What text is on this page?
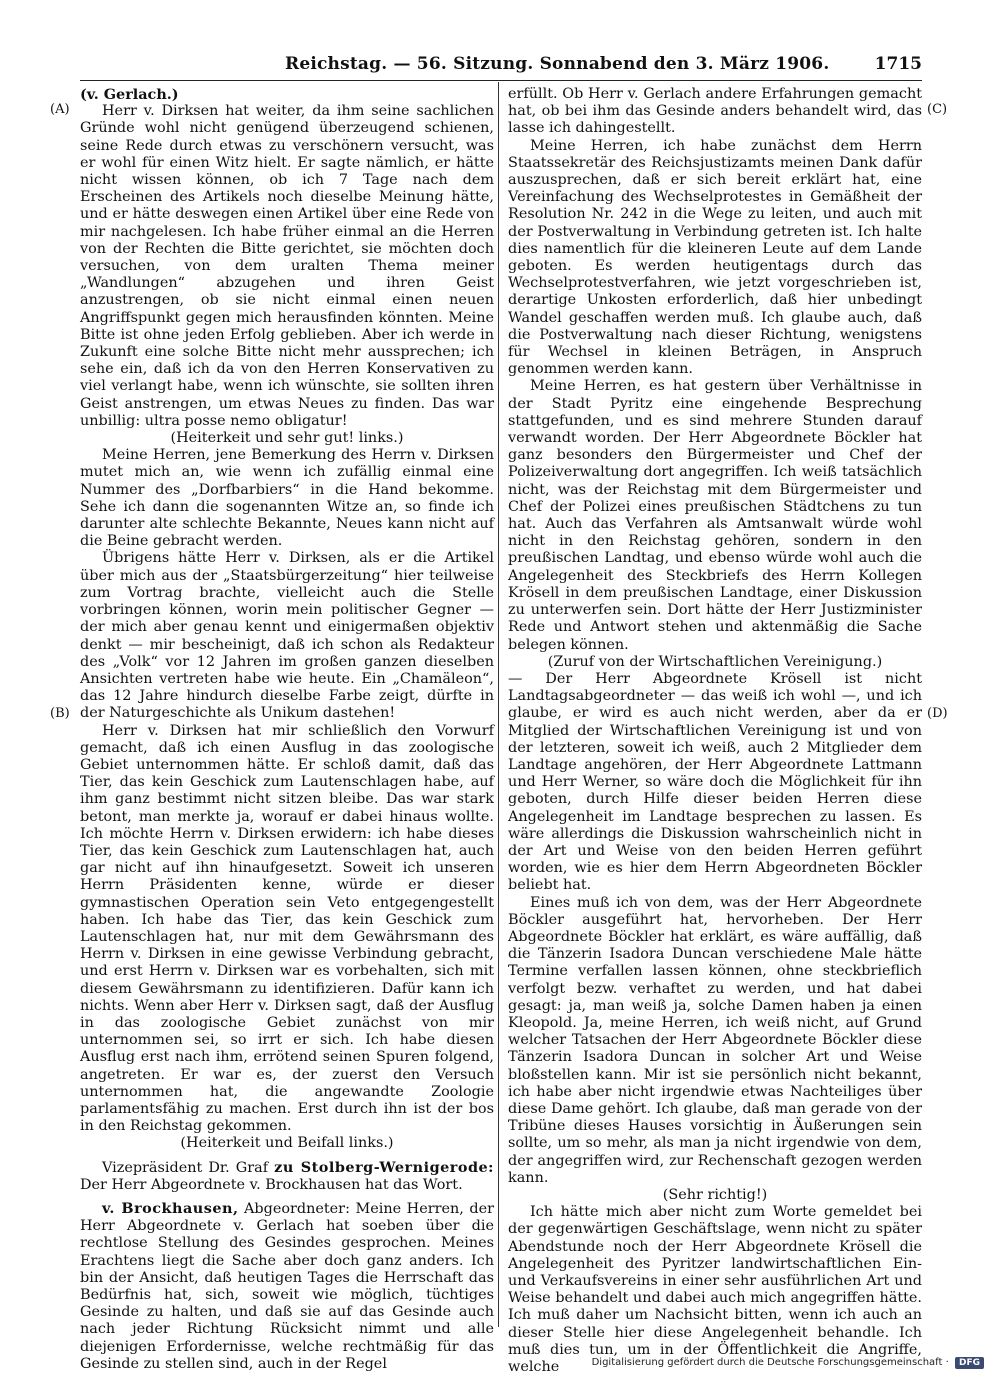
Reichstag. — 56. Sitzung. Sonnabend den 3. März 1906.	1715
(A)
(B)
(C)
(D)

(v. Gerlach.)

Herr v. Dirksen hat weiter, da ihm seine sachlichen Gründe wohl nicht genügend überzeugend schienen, seine Rede durch etwas zu verschönern versucht, was er wohl für einen Witz hielt. Er sagte nämlich, er hätte nicht wissen können, ob ich 7 Tage nach dem Erscheinen des Artikels noch dieselbe Meinung hätte, und er hätte deswegen einen Artikel über eine Rede von mir nachgelesen. Ich habe früher einmal an die Herren von der Rechten die Bitte gerichtet, sie möchten doch versuchen, von dem uralten Thema meiner „Wandlungen“ abzugehen und ihren Geist anzustrengen, ob sie nicht einmal einen neuen Angriffspunkt gegen mich herausfinden könnten. Meine Bitte ist ohne jeden Erfolg geblieben. Aber ich werde in Zukunft eine solche Bitte nicht mehr aussprechen; ich sehe ein, daß ich da von den Herren Konservativen zu viel verlangt habe, wenn ich wünschte, sie sollten ihren Geist anstrengen, um etwas Neues zu finden. Das war unbillig: ultra posse nemo obligatur!

(Heiterkeit und sehr gut! links.)

Meine Herren, jene Bemerkung des Herrn v. Dirksen mutet mich an, wie wenn ich zufällig einmal eine Nummer des „Dorfbarbiers“ in die Hand bekomme. Sehe ich dann die sogenannten Witze an, so finde ich darunter alte schlechte Bekannte, Neues kann nicht auf die Beine gebracht werden.

Übrigens hätte Herr v. Dirksen, als er die Artikel über mich aus der „Staatsbürgerzeitung“ hier teilweise zum Vortrag brachte, vielleicht auch die Stelle vorbringen können, worin mein politischer Gegner — der mich aber genau kennt und einigermaßen objektiv denkt — mir bescheinigt, daß ich schon als Redakteur des „Volk“ vor 12 Jahren im großen ganzen dieselben Ansichten vertreten habe wie heute. Ein „Chamäleon“, das 12 Jahre hindurch dieselbe Farbe zeigt, dürfte in der Naturgeschichte als Unikum dastehen!

Herr v. Dirksen hat mir schließlich den Vorwurf gemacht, daß ich einen Ausflug in das zoologische Gebiet unternommen hätte. Er schloß damit, daß das Tier, das kein Geschick zum Lautenschlagen habe, auf ihm ganz bestimmt nicht sitzen bleibe. Das war stark betont, man merkte ja, worauf er dabei hinaus wollte. Ich möchte Herrn v. Dirksen erwidern: ich habe dieses Tier, das kein Geschick zum Lautenschlagen hat, auch gar nicht auf ihn hinaufgesetzt. Soweit ich unseren Herrn Präsidenten kenne, würde er dieser gymnastischen Operation sein Veto entgegengestellt haben. Ich habe das Tier, das kein Geschick zum Lautenschlagen hat, nur mit dem Gewährsmann des Herrn v. Dirksen in eine gewisse Verbindung gebracht, und erst Herrn v. Dirksen war es vorbehalten, sich mit diesem Gewährsmann zu identifizieren. Dafür kann ich nichts. Wenn aber Herr v. Dirksen sagt, daß der Ausflug in das zoologische Gebiet zunächst von mir unternommen sei, so irrt er sich. Ich habe diesen Ausflug erst nach ihm, errötend seinen Spuren folgend, angetreten. Er war es, der zuerst den Versuch unternommen hat, die angewandte Zoologie parlamentsfähig zu machen. Erst durch ihn ist der bos in den Reichstag gekommen.

(Heiterkeit und Beifall links.)

Vizepräsident Dr. Graf zu Stolberg-Wernigerode: Der Herr Abgeordnete v. Brockhausen hat das Wort.

v. Brockhausen, Abgeordneter: Meine Herren, der Herr Abgeordnete v. Gerlach hat soeben über die rechtlose Stellung des Gesindes gesprochen. Meines Erachtens liegt die Sache aber doch ganz anders. Ich bin der Ansicht, daß heutigen Tages die Herrschaft das Bedürfnis hat, sich, soweit wie möglich, tüchtiges Gesinde zu halten, und daß sie auf das Gesinde auch nach jeder Richtung Rücksicht nimmt und alle diejenigen Erfordernisse, welche rechtmäßig für das Gesinde zu stellen sind, auch in der Regel

erfüllt. Ob Herr v. Gerlach andere Erfahrungen gemacht hat, ob bei ihm das Gesinde anders behandelt wird, das lasse ich dahingestellt.

Meine Herren, ich habe zunächst dem Herrn Staatssekretär des Reichsjustizamts meinen Dank dafür auszusprechen, daß er sich bereit erklärt hat, eine Vereinfachung des Wechselprotestes in Gemäßheit der Resolution Nr. 242 in die Wege zu leiten, und auch mit der Postverwaltung in Verbindung getreten ist. Ich halte dies namentlich für die kleineren Leute auf dem Lande geboten. Es werden heutigentags durch das Wechselprotestverfahren, wie jetzt vorgeschrieben ist, derartige Unkosten erforderlich, daß hier unbedingt Wandel geschaffen werden muß. Ich glaube auch, daß die Postverwaltung nach dieser Richtung, wenigstens für Wechsel in kleinen Beträgen, in Anspruch genommen werden kann.

Meine Herren, es hat gestern über Verhältnisse in der Stadt Pyritz eine eingehende Besprechung stattgefunden, und es sind mehrere Stunden darauf verwandt worden. Der Herr Abgeordnete Böckler hat ganz besonders den Bürgermeister und Chef der Polizeiverwaltung dort angegriffen. Ich weiß tatsächlich nicht, was der Reichstag mit dem Bürgermeister und Chef der Polizei eines preußischen Städtchens zu tun hat. Auch das Verfahren als Amtsanwalt würde wohl nicht in den Reichstag gehören, sondern in den preußischen Landtag, und ebenso würde wohl auch die Angelegenheit des Steckbriefs des Herrn Kollegen Krösell in dem preußischen Landtage, einer Diskussion zu unterwerfen sein. Dort hätte der Herr Justizminister Rede und Antwort stehen und aktenmäßig die Sache belegen können.

(Zuruf von der Wirtschaftlichen Vereinigung.)

— Der Herr Abgeordnete Krösell ist nicht Landtagsabgeordneter — das weiß ich wohl —, und ich glaube, er wird es auch nicht werden, aber da er Mitglied der Wirtschaftlichen Vereinigung ist und von der letzteren, soweit ich weiß, auch 2 Mitglieder dem Landtage angehören, der Herr Abgeordnete Lattmann und Herr Werner, so wäre doch die Möglichkeit für ihn geboten, durch Hilfe dieser beiden Herren diese Angelegenheit im Landtage besprechen zu lassen. Es wäre allerdings die Diskussion wahrscheinlich nicht in der Art und Weise von den beiden Herren geführt worden, wie es hier dem Herrn Abgeordneten Böckler beliebt hat.

Eines muß ich von dem, was der Herr Abgeordnete Böckler ausgeführt hat, hervorheben. Der Herr Abgeordnete Böckler hat erklärt, es wäre auffällig, daß die Tänzerin Isadora Duncan verschiedene Male hätte Termine verfallen lassen können, ohne steckbrieflich verfolgt bezw. verhaftet zu werden, und hat dabei gesagt: ja, man weiß ja, solche Damen haben ja einen Kleopold. Ja, meine Herren, ich weiß nicht, auf Grund welcher Tatsachen der Herr Abgeordnete Böckler diese Tänzerin Isadora Duncan in solcher Art und Weise bloßstellen kann. Mir ist sie persönlich nicht bekannt, ich habe aber nicht irgendwie etwas Nachteiliges über diese Dame gehört. Ich glaube, daß man gerade von der Tribüne dieses Hauses vorsichtig in Äußerungen sein sollte, um so mehr, als man ja nicht irgendwie von dem, der angegriffen wird, zur Rechenschaft gezogen werden kann.

(Sehr richtig!)

Ich hätte mich aber nicht zum Worte gemeldet bei der gegenwärtigen Geschäftslage, wenn nicht zu später Abendstunde noch der Herr Abgeordnete Krösell die Angelegenheit des Pyritzer landwirtschaftlichen Ein- und Verkaufsvereins in einer sehr ausführlichen Art und Weise behandelt und dabei auch mich angegriffen hätte. Ich muß daher um Nachsicht bitten, wenn ich auch an dieser Stelle hier diese Angelegenheit behandle. Ich muß dies tun, um in der Öffentlichkeit die Angriffe, welche	Digitalisierung gefördert durch die Deutsche Forschungsgemeinschaft · DFG
